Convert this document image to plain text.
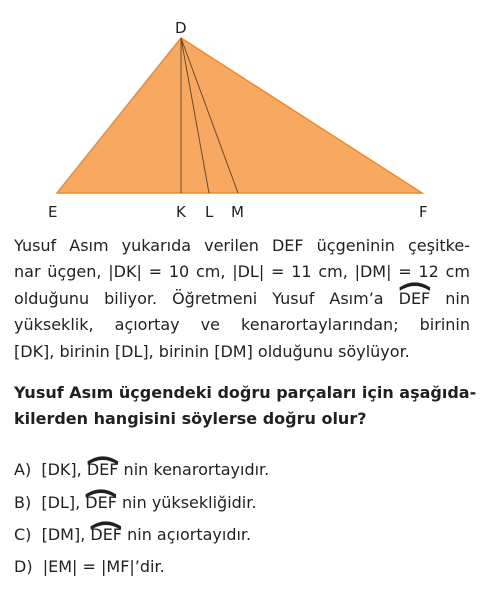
D
E	K L M	F
Yusuf Asım yukarıda verilen DEF üçgeninin çeşitke-
nar üçgen, |DK| = 10 cm, |DL| = 11 cm, |DM| = 12 cm
olduğunu biliyor. Öğretmeni Yusuf Asım’a
DEF nin
yükseklik, açıortay ve kenarortaylarından; birinin
[DK], birinin [DL], birinin [DM] olduğunu söylüyor.
Yusuf Asım üçgendeki doğru parçaları için aşağıda-
kilerden hangisini söylerse doğru olur?
A) [DK],
DEF nin kenarortayıdır.
B) [DL],
DEF nin yüksekliğidir.
C) [DM],
DEF nin açıortayıdır.
D) |EM| = |MF|’dir.
